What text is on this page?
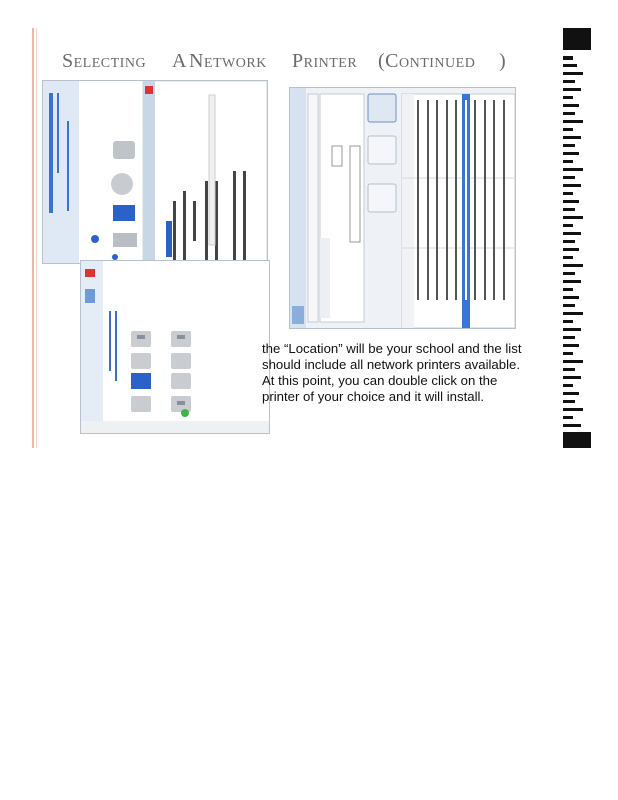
SELECTING A NETWORK PRINTER (CONTINUED )
the “Location” will be your school and the list should include all network printers available. At this point, you can double click on the printer of your choice and it will install.
